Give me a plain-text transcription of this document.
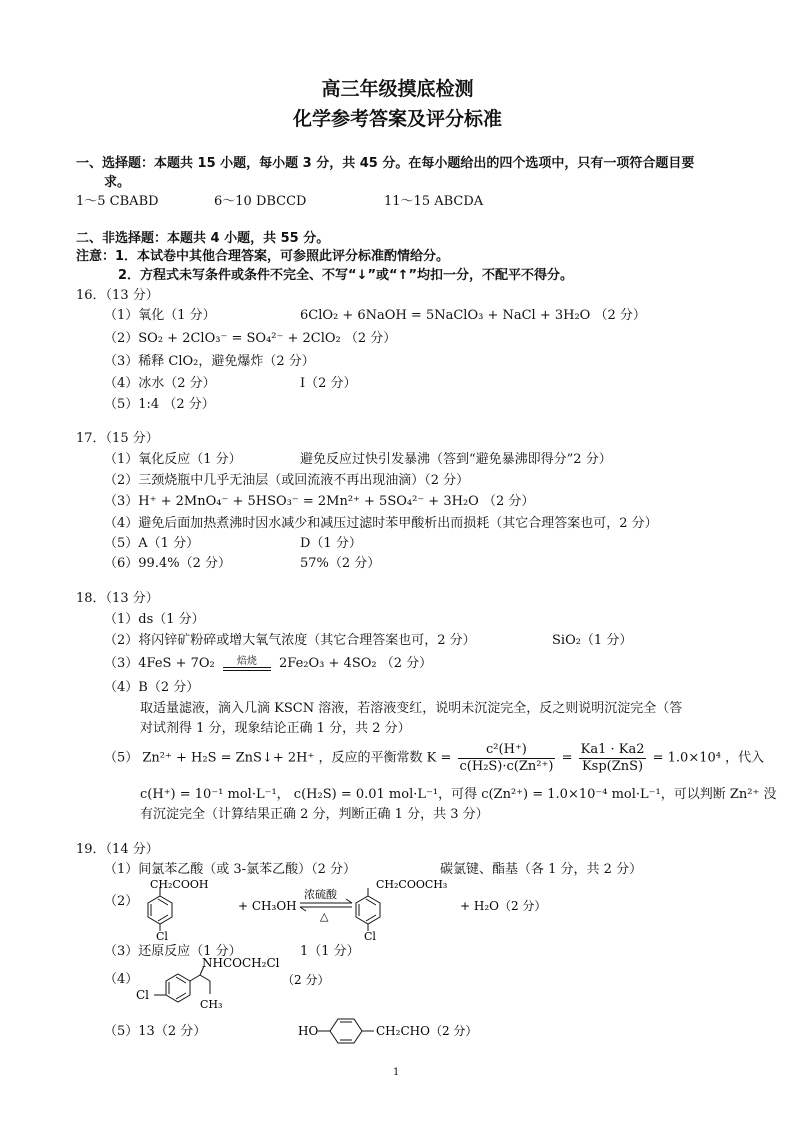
高三年级摸底检测
化学参考答案及评分标准
一、选择题：本题共 15 小题，每小题 3 分，共 45 分。在每小题给出的四个选项中，只有一项符合题目要
求。
1～5 CBABD	6～10 DBCCD	11～15 ABCDA
二、非选择题：本题共 4 小题，共 55 分。
注意：1．本试卷中其他合理答案，可参照此评分标准酌情给分。
2．方程式未写条件或条件不完全、不写“↓”或“↑”均扣一分，不配平不得分。
16．（13 分）
（1）氧化（1 分）	6ClO₂ + 6NaOH = 5NaClO₃ + NaCl + 3H₂O （2 分）
（2）SO₂ + 2ClO₃⁻ = SO₄²⁻ + 2ClO₂ （2 分）
（3）稀释 ClO₂，避免爆炸（2 分）
（4）冰水（2 分）	Ⅰ（2 分）
（5）1:4 （2 分）
17．（15 分）
（1）氧化反应（1 分）	避免反应过快引发暴沸（答到“避免暴沸即得分”2 分）
（2）三颈烧瓶中几乎无油层（或回流液不再出现油滴）（2 分）
（3）H⁺ + 2MnO₄⁻ + 5HSO₃⁻ = 2Mn²⁺ + 5SO₄²⁻ + 3H₂O （2 分）
（4）避免后面加热煮沸时因水减少和减压过滤时苯甲酸析出而损耗（其它合理答案也可，2 分）
（5）A（1 分）	D（1 分）
（6）99.4%（2 分）	57%（2 分）
18．（13 分）
（1）ds（1 分）
（2）将闪锌矿粉碎或增大氧气浓度（其它合理答案也可，2 分）	SiO₂（1 分）
（3）4FeS + 7O₂	焙烧	2Fe₂O₃ + 4SO₂ （2 分）
（4）B（2 分）
取适量滤液，滴入几滴 KSCN 溶液，若溶液变红，说明未沉淀完全，反之则说明沉淀完全（答
对试剂得 1 分，现象结论正确 1 分，共 2 分）
（5） Zn²⁺ + H₂S = ZnS↓+ 2H⁺ ，反应的平衡常数 $K = \frac{\text{c²(H⁺)}}{\text{c(H₂S)·c(Zn²⁺)}} = \frac{Ka1 \cdot Ka2}{\text{Ksp(ZnS)}} = 1.0\times 10^4$ ，代入
c(H⁺) = 10⁻¹ mol·L⁻¹， c(H₂S) = 0.01 mol·L⁻¹，可得 c(Zn²⁺) = 1.0×10⁻⁴ mol·L⁻¹，可以判断 Zn²⁺ 没
有沉淀完全（计算结果正确 2 分，判断正确 1 分，共 3 分）
19．（14 分）
（1）间氯苯乙酸（或 3-氯苯乙酸）（2 分）	碳氯键、酯基（各 1 分，共 2 分）
（2）
CH₂COOH
Cl
+ CH₃OH
浓硫酸
△
CH₂COOCH₃
Cl
+ H₂O（2 分）
（3）还原反应（1 分）	1（1 分）
（4）
Cl
NHCOCH₂Cl
CH₃
（2 分）
（5）13（2 分）	HO	CH₂CHO（2 分）
1
